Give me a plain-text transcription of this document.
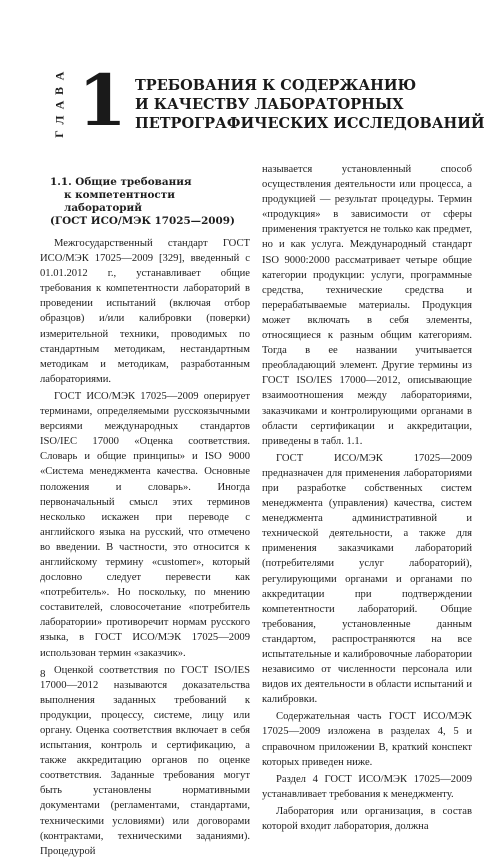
А
В
А
Л
Г 1 ТРЕБОВАНИЯ К СОДЕРЖАНИЮ
И КАЧЕСТВУ ЛАБОРАТОРНЫХ
ПЕТРОГРАФИЧЕСКИХ ИССЛЕДОВАНИЙ
1.1. Общие требования
к компетентности лабораторий
(ГОСТ ИСО/МЭК 17025—2009)

Межгосударственный стандарт ГОСТ ИСО/МЭК 17025—2009 [329], введенный с 01.01.2012 г., устанавливает общие требования к компетентности лабораторий в проведении испытаний (включая отбор образцов) и/или калибровки (поверки) измерительной техники, проводимых по стандартным методикам, нестандартным методикам и методикам, разработанным лабораториями.

ГОСТ ИСО/МЭК 17025—2009 оперирует терминами, определяемыми русскоязычными версиями международных стандартов ISO/IEC 17000 «Оценка соответствия. Словарь и общие принципы» и ISO 9000 «Система менеджмента качества. Основные положения и словарь». Иногда первоначальный смысл этих терминов несколько искажен при переводе с английского языка на русский, что отмечено во введении. В частности, это относится к английскому термину «customer», который дословно следует перевести как «потребитель». Но поскольку, по мнению составителей, словосочетание «потребитель лаборатории» противоречит нормам русского языка, в ГОСТ ИСО/МЭК 17025—2009 использован термин «заказчик».

Оценкой соответствия по ГОСТ ISO/IES 17000—2012 называются доказательства выполнения заданных требований к продукции, процессу, системе, лицу или органу. Оценка соответствия включает в себя испытания, контроль и сертификацию, а также аккредитацию органов по оценке соответствия. Заданные требования могут быть установлены нормативными документами (регламентами, стандартами, техническими условиями) или договорами (контрактами, техническими заданиями). Процедурой

называется установленный способ осуществления деятельности или процесса, а продукцией — результат процедуры. Термин «продукция» в зависимости от сферы применения трактуется не только как предмет, но и как услуга. Международный стандарт ISO 9000:2000 рассматривает четыре общие категории продукции: услуги, программные средства, технические средства и перерабатываемые материалы. Продукция может включать в себя элементы, относящиеся к разным общим категориям. Тогда в ее названии учитывается преобладающий элемент. Другие термины из ГОСТ ISO/IES 17000—2012, описывающие взаимоотношения между лабораториями, заказчиками и контролирующими органами в области сертификации и аккредитации, приведены в табл. 1.1.

ГОСТ ИСО/МЭК 17025—2009 предназначен для применения лабораториями при разработке собственных систем менеджмента (управления) качества, систем менеджмента административной и технической деятельности, а также для применения заказчиками лабораторий (потребителями услуг лабораторий), регулирующими органами и органами по аккредитации при подтверждении компетентности лабораторий. Общие требования, установленные данным стандартом, распространяются на все испытательные и калибровочные лаборатории независимо от численности персонала или видов их деятельности в области испытаний и калибровки.

Содержательная часть ГОСТ ИСО/МЭК 17025—2009 изложена в разделах 4, 5 и справочном приложении В, краткий конспект которых приведен ниже.

Раздел 4 ГОСТ ИСО/МЭК 17025—2009 устанавливает требования к менеджменту.

Лаборатория или организация, в состав которой входит лаборатория, должна

8
